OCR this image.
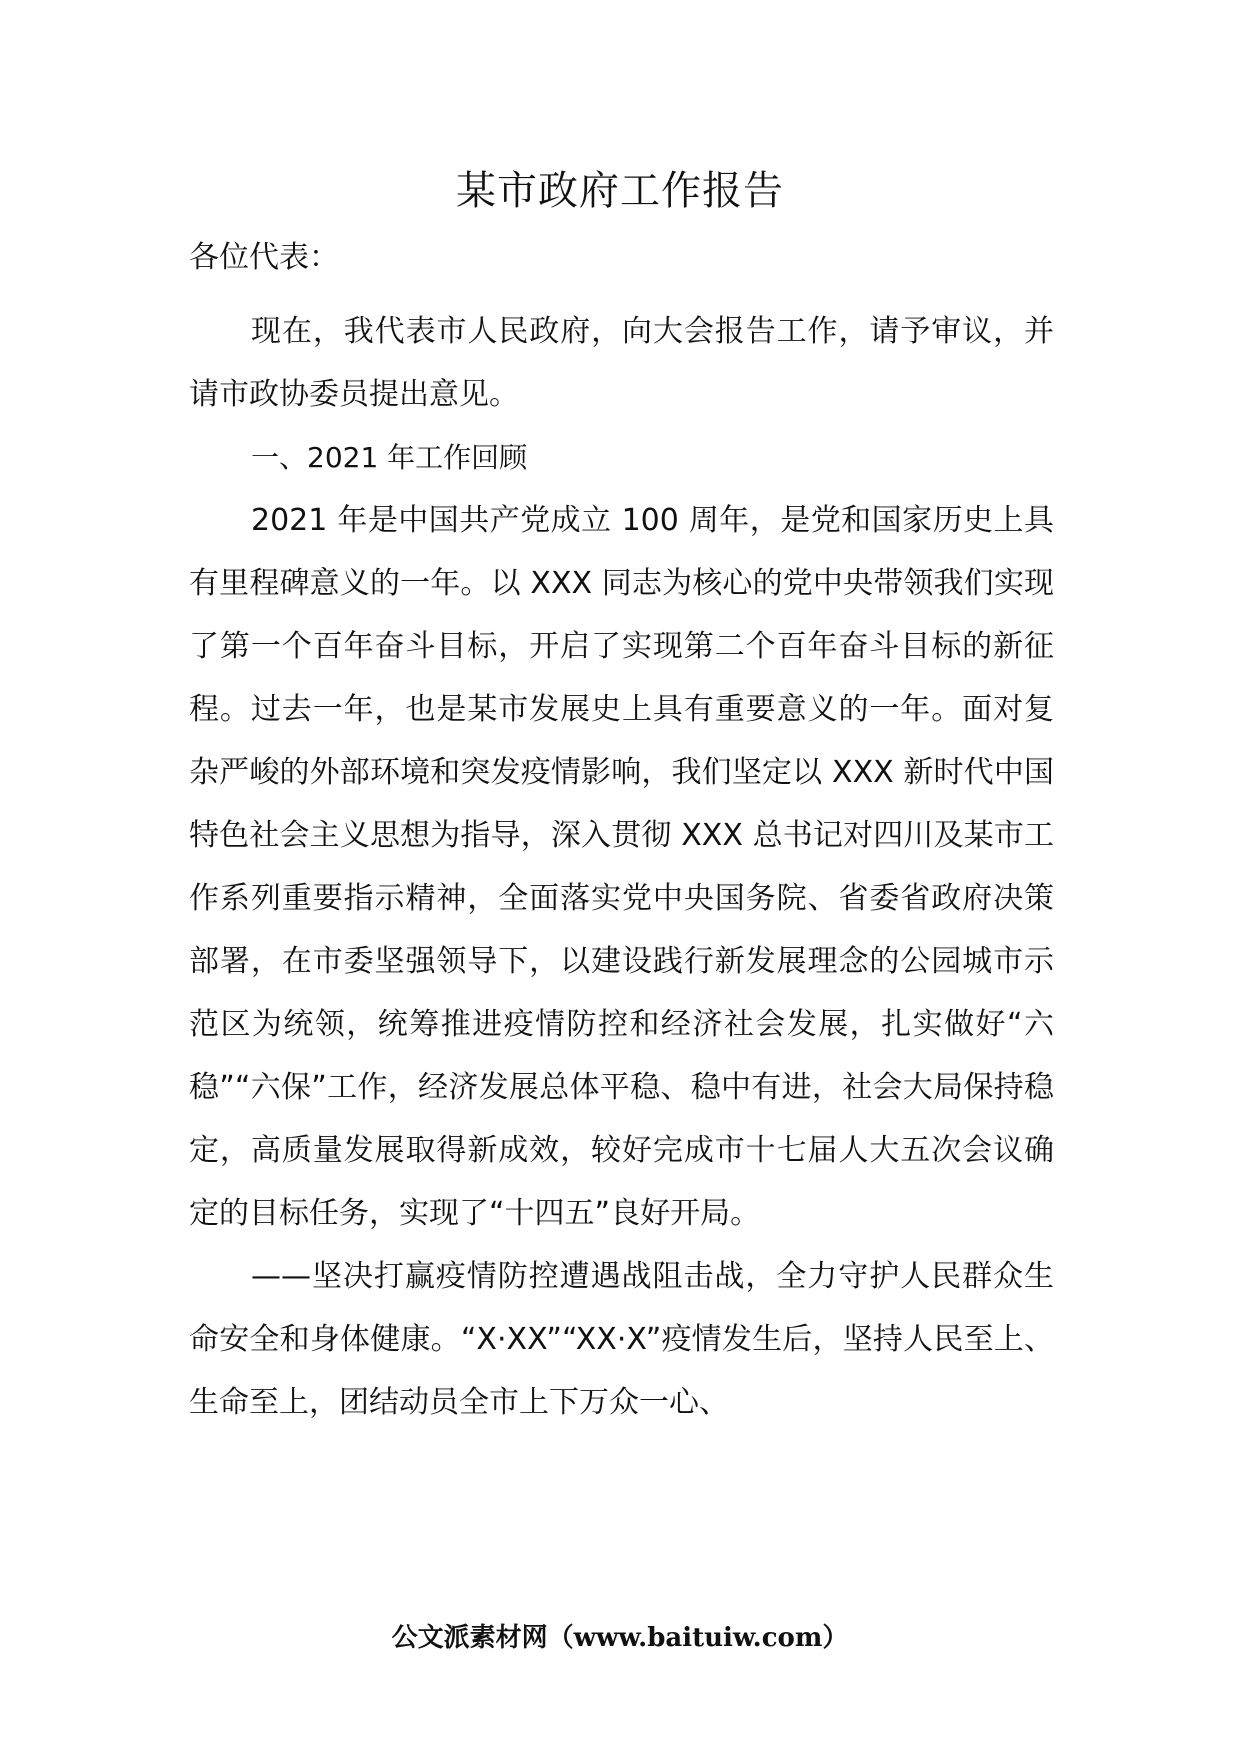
某市政府工作报告
各位代表：

现在，我代表市人民政府，向大会报告工作，请予审议，并请市政协委员提出意见。

一、2021 年工作回顾

2021 年是中国共产党成立 100 周年，是党和国家历史上具有里程碑意义的一年。以 XXX 同志为核心的党中央带领我们实现了第一个百年奋斗目标，开启了实现第二个百年奋斗目标的新征程。过去一年，也是某市发展史上具有重要意义的一年。面对复杂严峻的外部环境和突发疫情影响，我们坚定以 XXX 新时代中国特色社会主义思想为指导，深入贯彻 XXX 总书记对四川及某市工作系列重要指示精神，全面落实党中央国务院、省委省政府决策部署，在市委坚强领导下，以建设践行新发展理念的公园城市示范区为统领，统筹推进疫情防控和经济社会发展，扎实做好“六稳”“六保”工作，经济发展总体平稳、稳中有进，社会大局保持稳定，高质量发展取得新成效，较好完成市十七届人大五次会议确定的目标任务，实现了“十四五”良好开局。

——坚决打赢疫情防控遭遇战阻击战，全力守护人民群众生命安全和身体健康。“X·XX”“XX·X”疫情发生后，坚持人民至上、生命至上，团结动员全市上下万众一心、

公文派素材网（www.baituiw.com）
